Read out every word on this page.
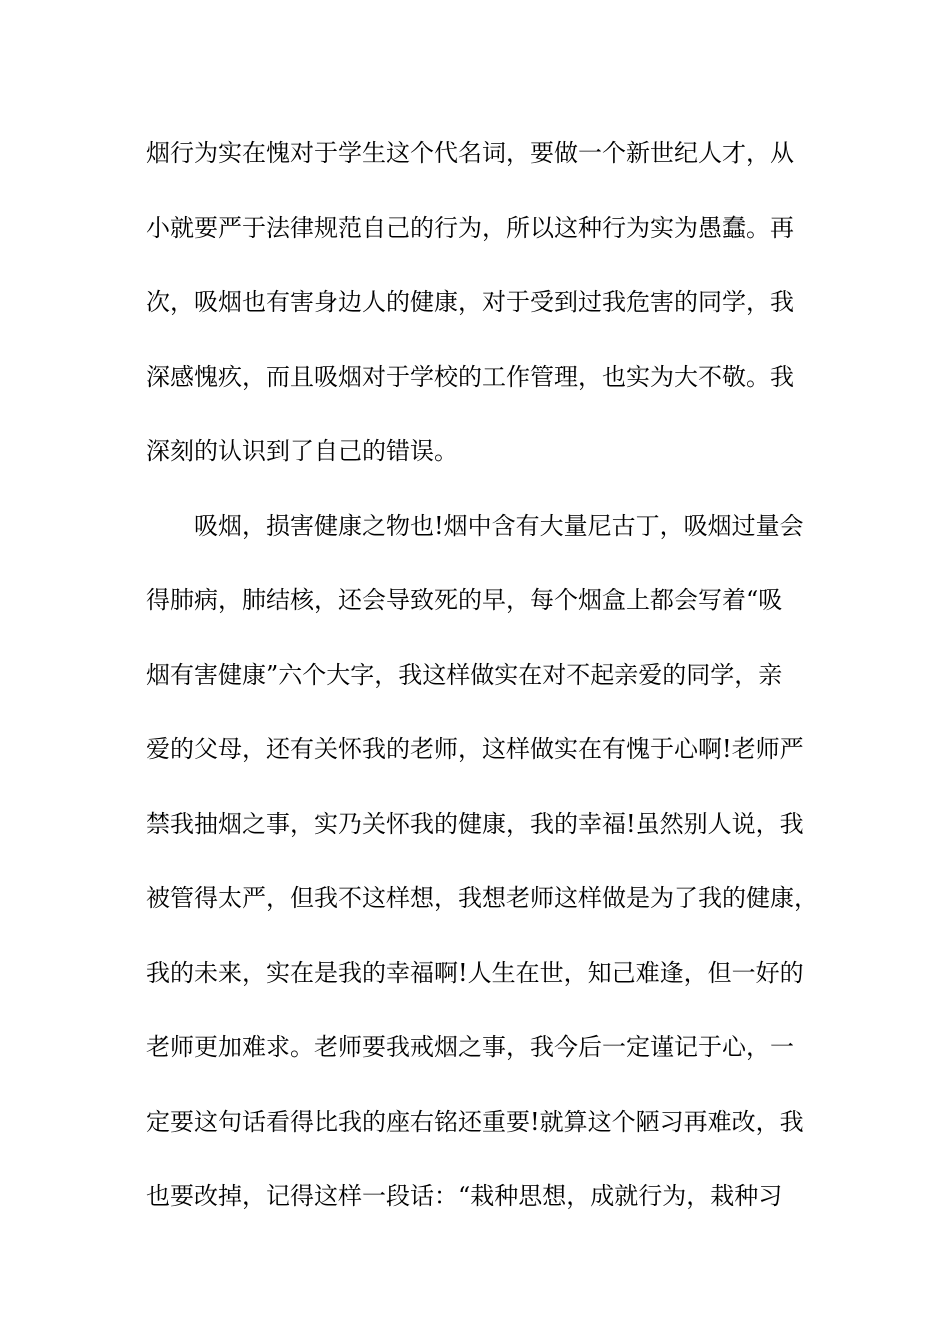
烟行为实在愧对于学生这个代名词，要做一个新世纪人才，从
小就要严于法律规范自己的行为，所以这种行为实为愚蠢。再
次，吸烟也有害身边人的健康，对于受到过我危害的同学，我
深感愧疚，而且吸烟对于学校的工作管理，也实为大不敬。我
深刻的认识到了自己的错误。
吸烟，损害健康之物也!烟中含有大量尼古丁，吸烟过量会
得肺病，肺结核，还会导致死的早，每个烟盒上都会写着“吸
烟有害健康”六个大字，我这样做实在对不起亲爱的同学，亲
爱的父母，还有关怀我的老师，这样做实在有愧于心啊!老师严
禁我抽烟之事，实乃关怀我的健康，我的幸福!虽然别人说，我
被管得太严，但我不这样想，我想老师这样做是为了我的健康，
我的未来，实在是我的幸福啊!人生在世，知己难逢，但一好的
老师更加难求。老师要我戒烟之事，我今后一定谨记于心，一
定要这句话看得比我的座右铭还重要!就算这个陋习再难改，我
也要改掉，记得这样一段话：“栽种思想，成就行为，栽种习
